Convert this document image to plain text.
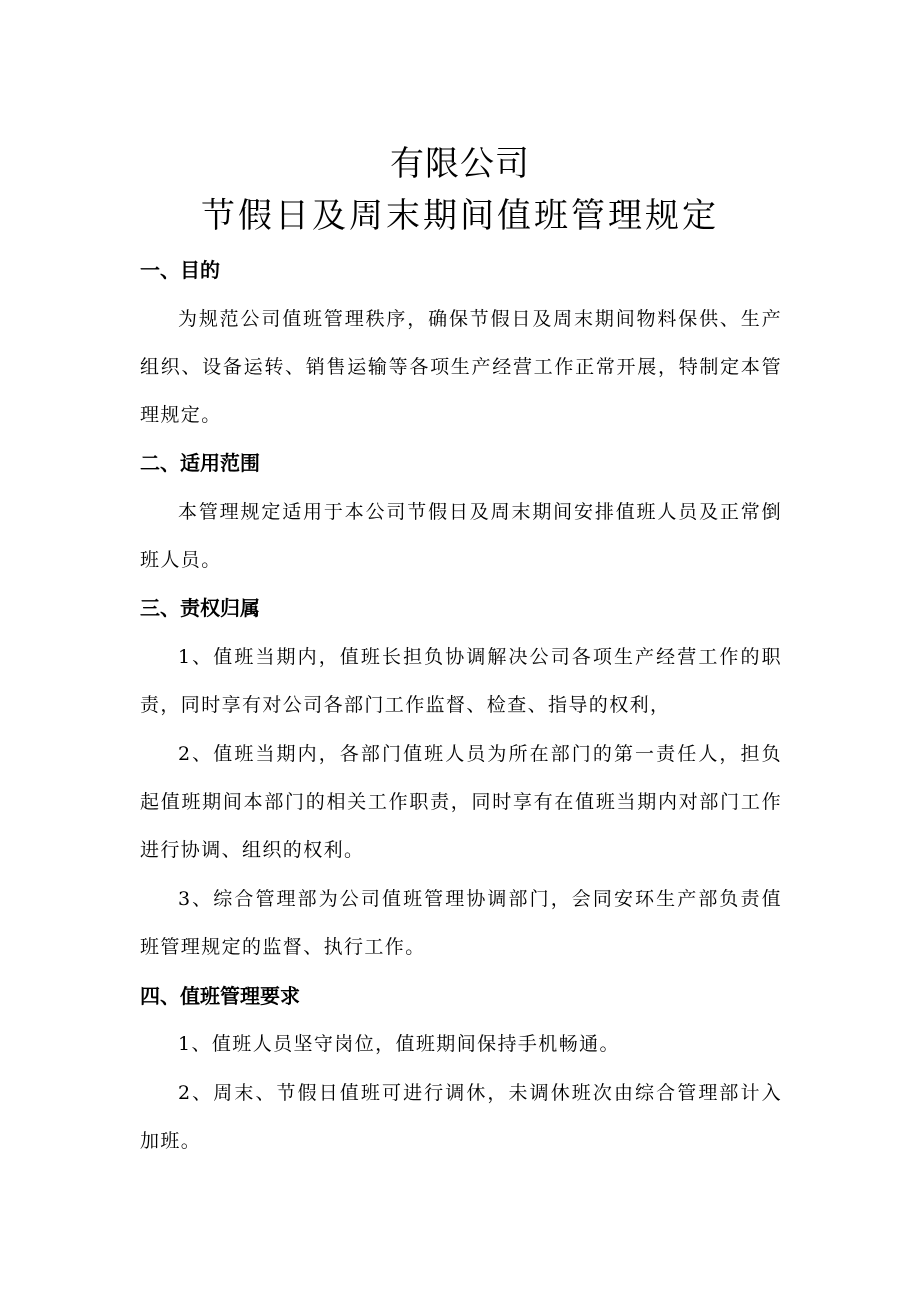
有限公司
节假日及周末期间值班管理规定
一、目的

为规范公司值班管理秩序，确保节假日及周末期间物料保供、生产组织、设备运转、销售运输等各项生产经营工作正常开展，特制定本管理规定。

二、适用范围

本管理规定适用于本公司节假日及周末期间安排值班人员及正常倒班人员。

三、责权归属

1、值班当期内，值班长担负协调解决公司各项生产经营工作的职责，同时享有对公司各部门工作监督、检查、指导的权利，

2、值班当期内，各部门值班人员为所在部门的第一责任人，担负起值班期间本部门的相关工作职责，同时享有在值班当期内对部门工作进行协调、组织的权利。

3、综合管理部为公司值班管理协调部门，会同安环生产部负责值班管理规定的监督、执行工作。

四、值班管理要求

1、值班人员坚守岗位，值班期间保持手机畅通。

2、周末、节假日值班可进行调休，未调休班次由综合管理部计入加班。
